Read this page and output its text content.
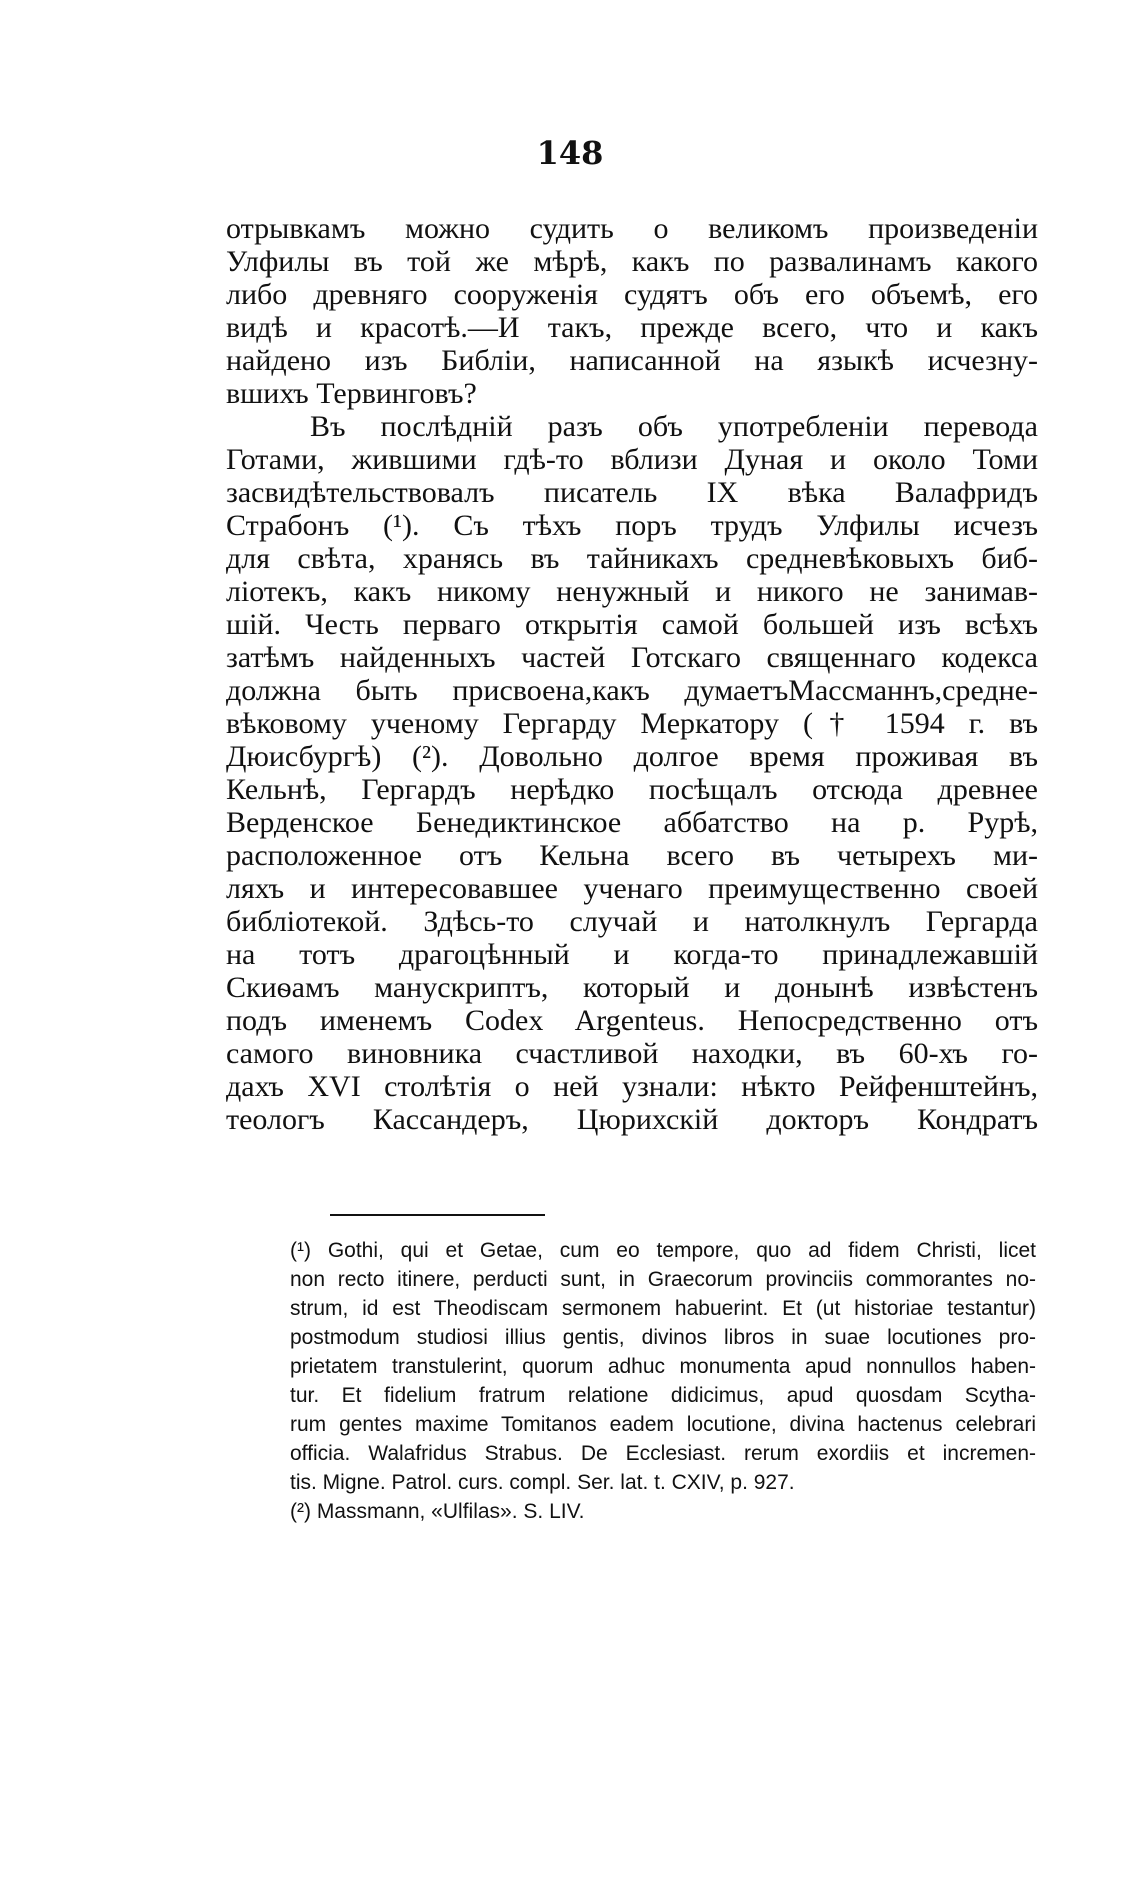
148
отрывкамъ можно судить о великомъ произведеніи
Улфилы въ той же мѣрѣ, какъ по развалинамъ какого
либо древняго сооруженія судятъ объ его объемѣ, его
видѣ и красотѣ.—И такъ, прежде всего, что и какъ
найдено изъ Библіи, написанной на языкѣ исчезну-
вшихъ Тервинговъ?
Въ послѣдній разъ объ употребленіи перевода
Готами, жившими гдѣ-то вблизи Дуная и около Томи
засвидѣтельствовалъ писатель IX вѣка Валафридъ
Страбонъ (¹). Съ тѣхъ поръ трудъ Улфилы исчезъ
для свѣта, хранясь въ тайникахъ средневѣковыхъ биб-
ліотекъ, какъ никому ненужный и никого не занимав-
шій. Честь перваго открытія самой большей изъ всѣхъ
затѣмъ найденныхъ частей Готскаго священнаго кодекса
должна быть присвоена,какъ думаетъМассманнъ,средне-
вѣковому ученому Гергарду Меркатору († 1594 г. въ
Дюисбургѣ) (²). Довольно долгое время проживая въ
Кельнѣ, Гергардъ нерѣдко посѣщалъ отсюда древнее
Верденское Бенедиктинское аббатство на р. Рурѣ,
расположенное отъ Кельна всего въ четырехъ ми-
ляхъ и интересовавшее ученаго преимущественно своей
библіотекой. Здѣсь-то случай и натолкнулъ Гергарда
на тотъ драгоцѣнный и когда-то принадлежавшій
Скиѳамъ манускриптъ, который и донынѣ извѣстенъ
подъ именемъ Codex Argenteus. Непосредственно отъ
самого виновника счастливой находки, въ 60-хъ го-
дахъ XVI столѣтія о ней узнали: нѣкто Рейфенштейнъ,
теологъ Кассандеръ, Цюрихскій докторъ Кондратъ
(¹) Gothi, qui et Getae, cum eo tempore, quo ad fidem Christi, licet
non recto itinere, perducti sunt, in Graecorum provinciis commorantes no-
strum, id est Theodiscam sermonem habuerint. Et (ut historiae testantur)
postmodum studiosi illius gentis, divinos libros in suae locutiones pro-
prietatem transtulerint, quorum adhuc monumenta apud nonnullos haben-
tur. Et fidelium fratrum relatione didicimus, apud quosdam Scytha-
rum gentes maxime Tomitanos eadem locutione, divina hactenus celebrari
officia. Walafridus Strabus. De Ecclesiast. rerum exordiis et incremen-
tis. Migne. Patrol. curs. compl. Ser. lat. t. CXIV, p. 927.
(²) Massmann, «Ulfilas». S. LIV.
